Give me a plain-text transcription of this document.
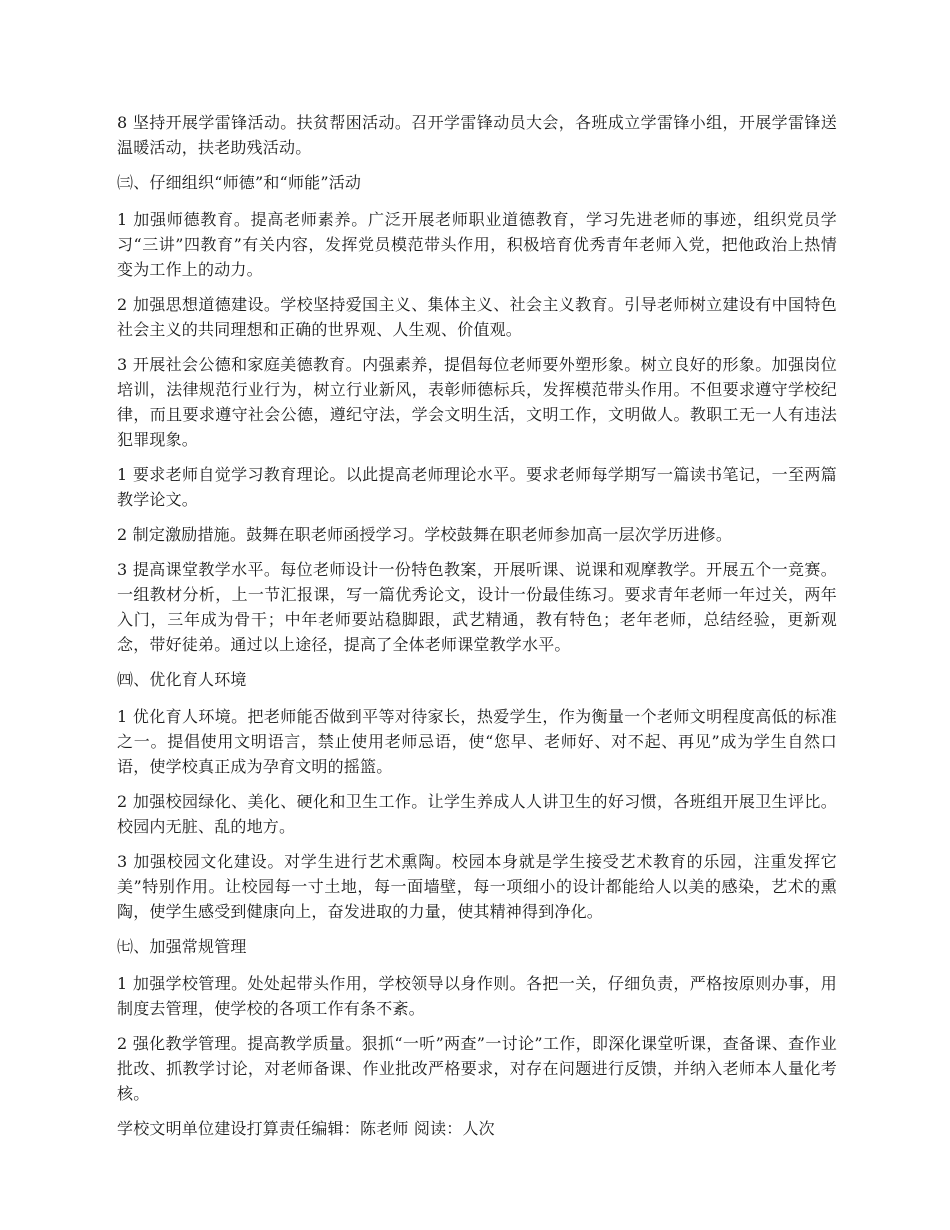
8 坚持开展学雷锋活动。扶贫帮困活动。召开学雷锋动员大会，各班成立学雷锋小组，开展学雷锋送温暖活动，扶老助残活动。

㈢、仔细组织“师德”和“师能”活动

1 加强师德教育。提高老师素养。广泛开展老师职业道德教育，学习先进老师的事迹，组织党员学习“三讲”四教育”有关内容，发挥党员模范带头作用，积极培育优秀青年老师入党，把他政治上热情变为工作上的动力。

2 加强思想道德建设。学校坚持爱国主义、集体主义、社会主义教育。引导老师树立建设有中国特色社会主义的共同理想和正确的世界观、人生观、价值观。

3 开展社会公德和家庭美德教育。内强素养，提倡每位老师要外塑形象。树立良好的形象。加强岗位培训，法律规范行业行为，树立行业新风，表彰师德标兵，发挥模范带头作用。不但要求遵守学校纪律，而且要求遵守社会公德，遵纪守法，学会文明生活，文明工作，文明做人。教职工无一人有违法犯罪现象。

1 要求老师自觉学习教育理论。以此提高老师理论水平。要求老师每学期写一篇读书笔记，一至两篇教学论文。

2 制定激励措施。鼓舞在职老师函授学习。学校鼓舞在职老师参加高一层次学历进修。

3 提高课堂教学水平。每位老师设计一份特色教案，开展听课、说课和观摩教学。开展五个一竞赛。一组教材分析，上一节汇报课，写一篇优秀论文，设计一份最佳练习。要求青年老师一年过关，两年入门，三年成为骨干；中年老师要站稳脚跟，武艺精通，教有特色；老年老师，总结经验，更新观念，带好徒弟。通过以上途径，提高了全体老师课堂教学水平。

㈣、优化育人环境

1 优化育人环境。把老师能否做到平等对待家长，热爱学生，作为衡量一个老师文明程度高低的标准之一。提倡使用文明语言，禁止使用老师忌语，使“您早、老师好、对不起、再见”成为学生自然口语，使学校真正成为孕育文明的摇篮。

2 加强校园绿化、美化、硬化和卫生工作。让学生养成人人讲卫生的好习惯，各班组开展卫生评比。校园内无脏、乱的地方。

3 加强校园文化建设。对学生进行艺术熏陶。校园本身就是学生接受艺术教育的乐园，注重发挥它美”特别作用。让校园每一寸土地，每一面墙壁，每一项细小的设计都能给人以美的感染，艺术的熏陶，使学生感受到健康向上，奋发进取的力量，使其精神得到净化。

㈦、加强常规管理

1 加强学校管理。处处起带头作用，学校领导以身作则。各把一关，仔细负责，严格按原则办事，用制度去管理，使学校的各项工作有条不紊。

2 强化教学管理。提高教学质量。狠抓“一听”两查”一讨论”工作，即深化课堂听课，查备课、查作业批改、抓教学讨论，对老师备课、作业批改严格要求，对存在问题进行反馈，并纳入老师本人量化考核。

学校文明单位建设打算责任编辑：陈老师 阅读：人次
